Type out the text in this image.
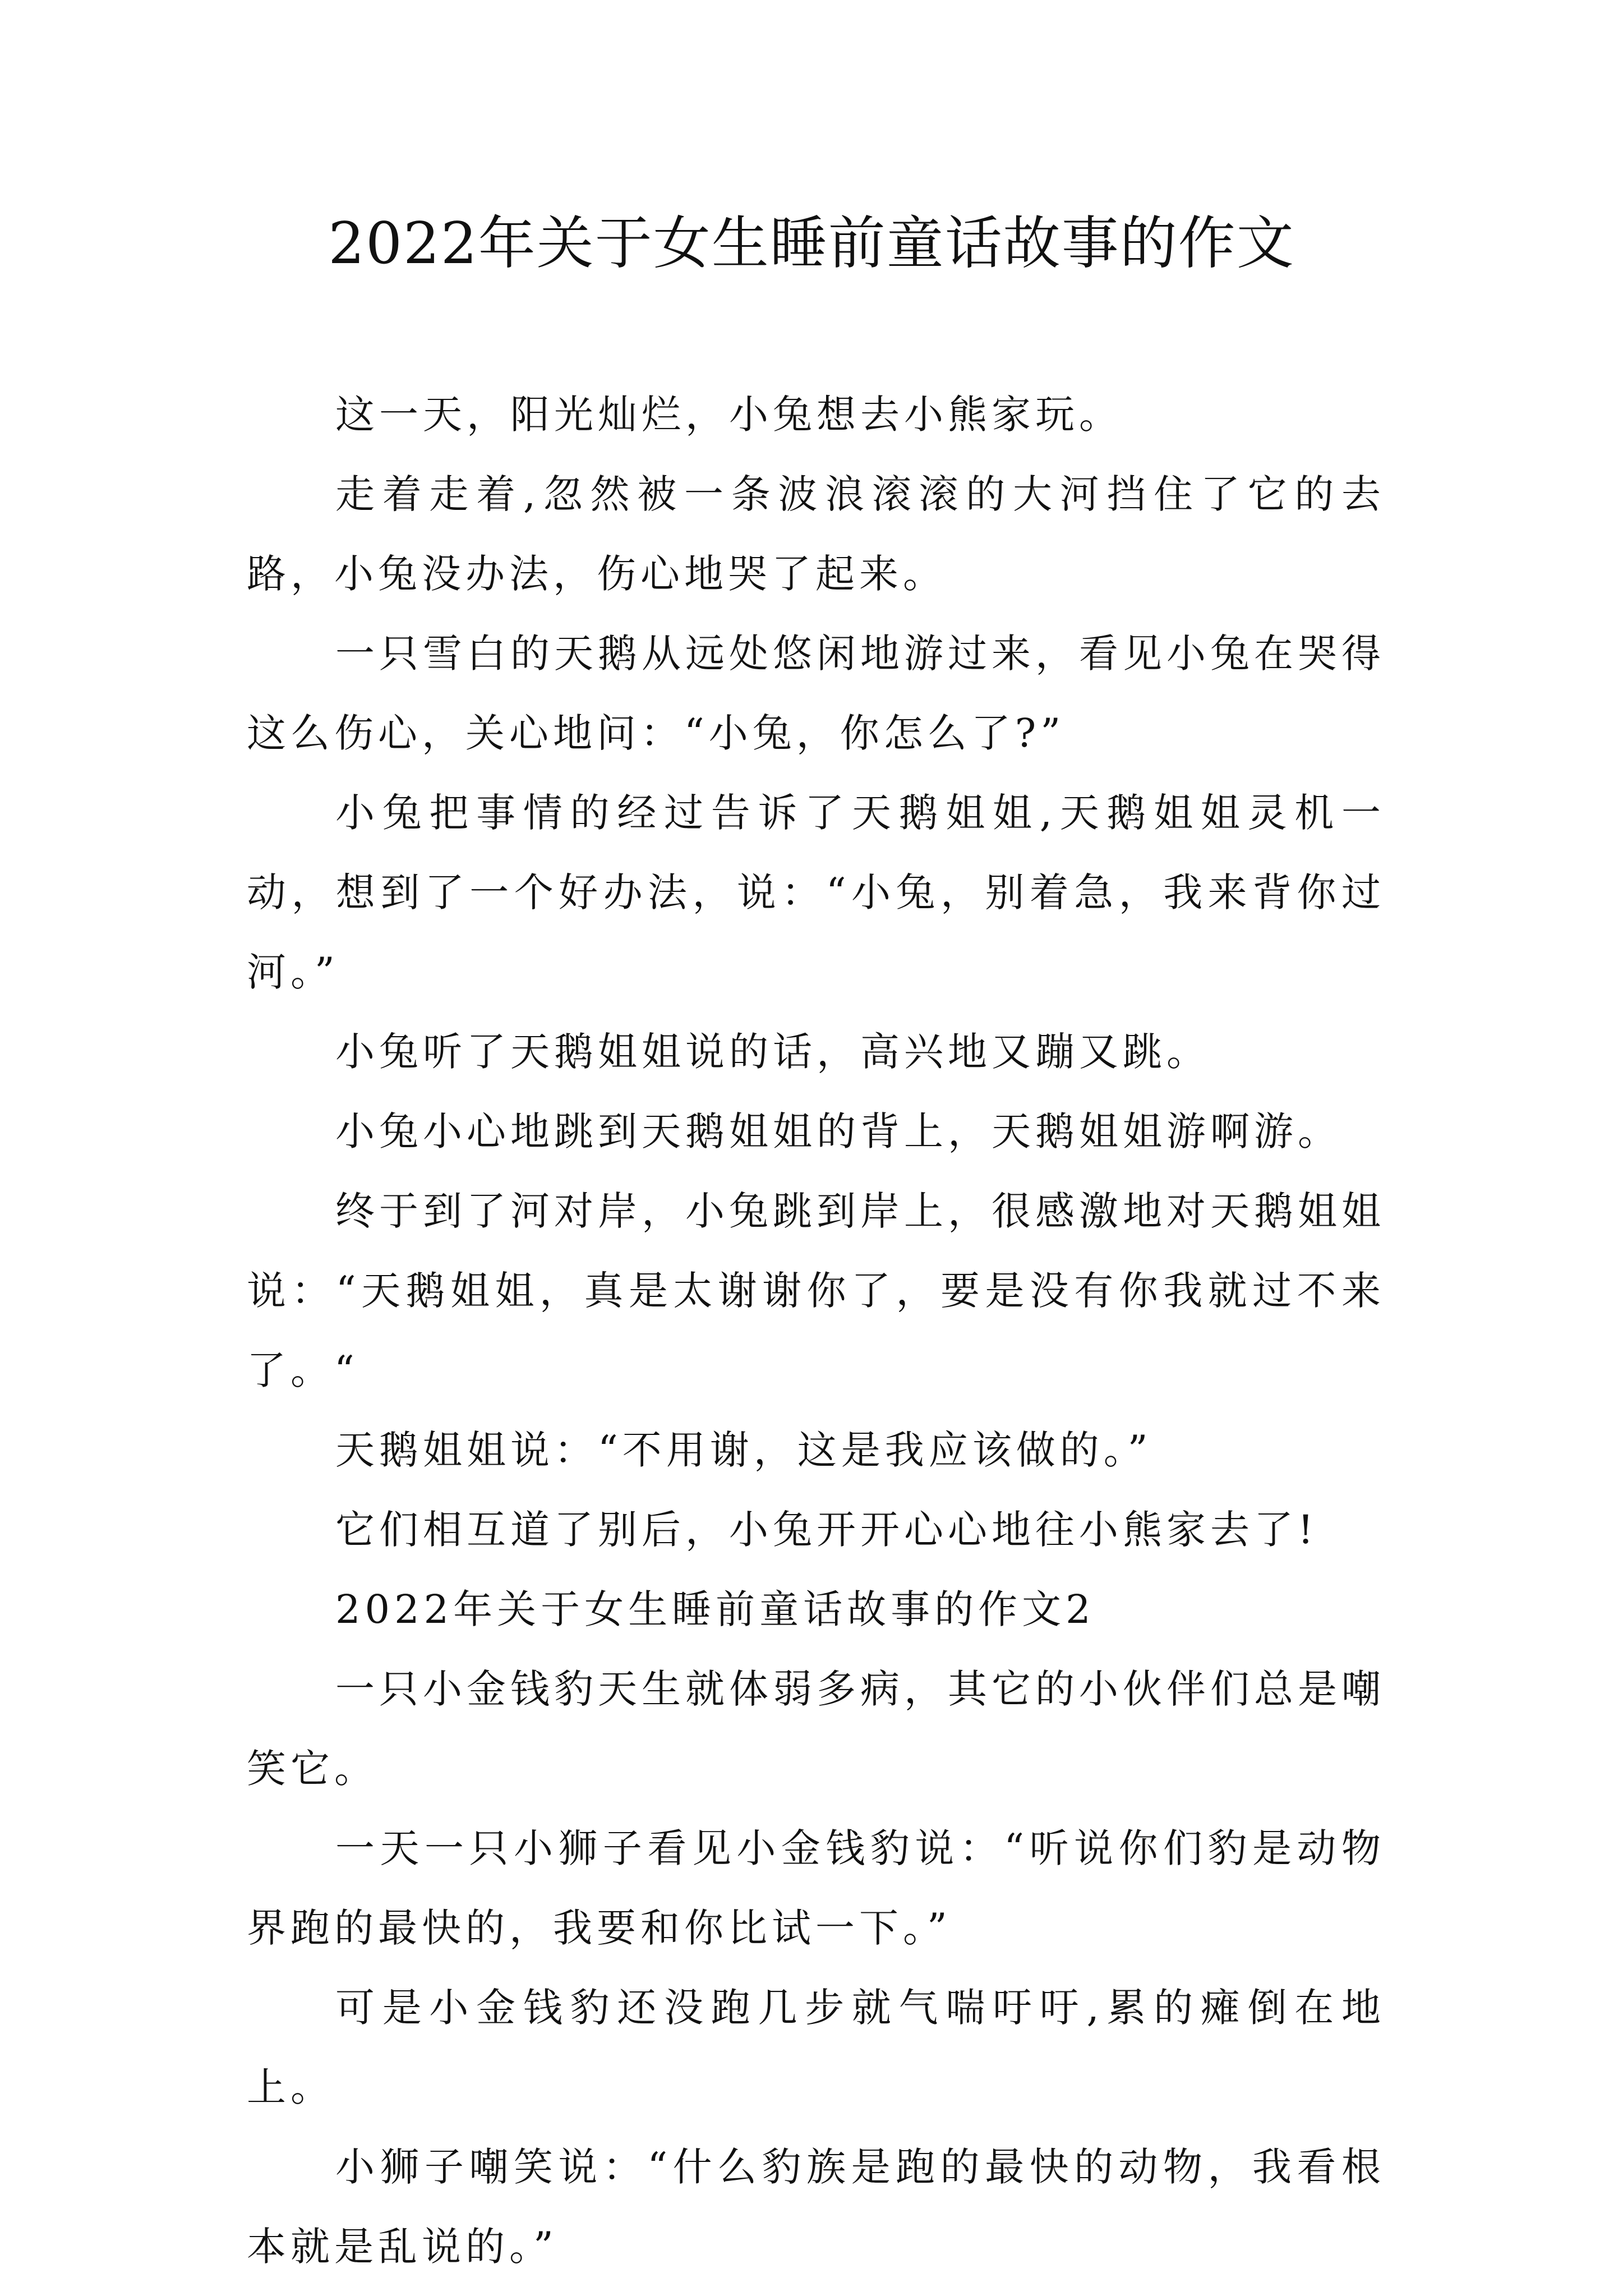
2022年关于女生睡前童话故事的作文

这一天，阳光灿烂，小兔想去小熊家玩。

走着走着,忽然被一条波浪滚滚的大河挡住了它的去路，小兔没办法，伤心地哭了起来。

一只雪白的天鹅从远处悠闲地游过来，看见小兔在哭得这么伤心，关心地问：“小兔，你怎么了?”

小兔把事情的经过告诉了天鹅姐姐,天鹅姐姐灵机一动，想到了一个好办法，说：“小兔，别着急，我来背你过河。”

小兔听了天鹅姐姐说的话，高兴地又蹦又跳。

小兔小心地跳到天鹅姐姐的背上，天鹅姐姐游啊游。

终于到了河对岸，小兔跳到岸上，很感激地对天鹅姐姐说：“天鹅姐姐，真是太谢谢你了，要是没有你我就过不来了。“

天鹅姐姐说：“不用谢，这是我应该做的。”

它们相互道了别后，小兔开开心心地往小熊家去了!

2022年关于女生睡前童话故事的作文2

一只小金钱豹天生就体弱多病，其它的小伙伴们总是嘲笑它。

一天一只小狮子看见小金钱豹说：“听说你们豹是动物界跑的最快的，我要和你比试一下。”

可是小金钱豹还没跑几步就气喘吁吁,累的瘫倒在地上。

小狮子嘲笑说：“什么豹族是跑的最快的动物，我看根本就是乱说的。”
